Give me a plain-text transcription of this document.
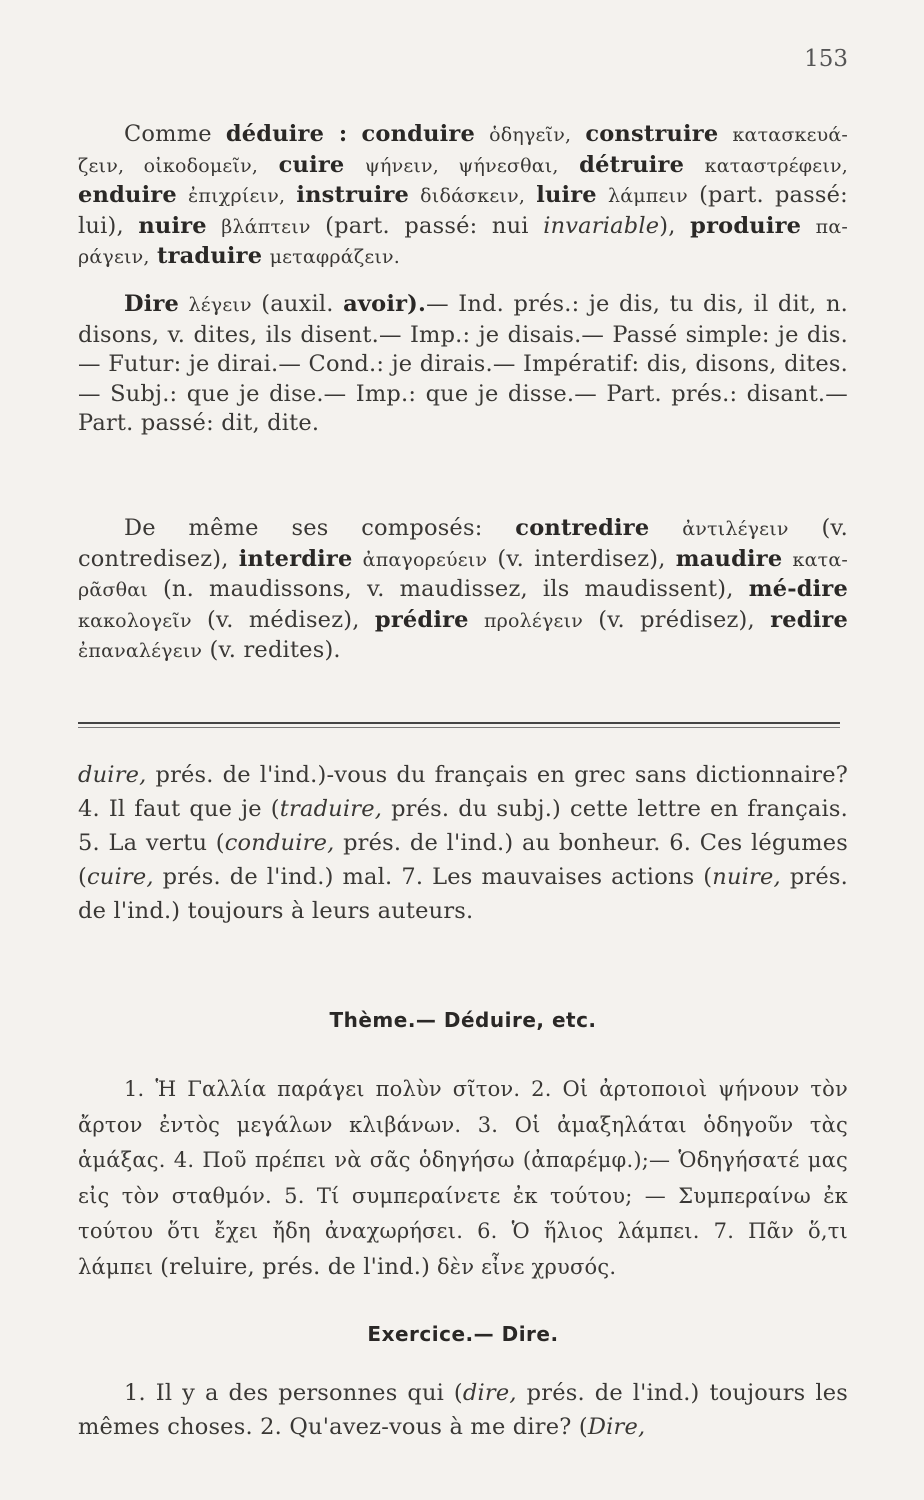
153

Comme déduire : conduire ὁδηγεῖν, construire κατασκευά-ζειν, οἰκοδομεῖν, cuire ψήνειν, ψήνεσθαι, détruire καταστρέφειν, enduire ἐπιχρίειν, instruire διδάσκειν, luire λάμπειν (part. passé: lui), nuire βλάπτειν (part. passé: nui invariable), produire πα-ράγειν, traduire μεταφράζειν.

Dire λέγειν (auxil. avoir).— Ind. prés.: je dis, tu dis, il dit, n. disons, v. dites, ils disent.— Imp.: je disais.— Passé simple: je dis.— Futur: je dirai.— Cond.: je dirais.— Impératif: dis, disons, dites.— Subj.: que je dise.— Imp.: que je disse.— Part. prés.: disant.— Part. passé: dit, dite.

De même ses composés: contredire ἀντιλέγειν (v. contredisez), interdire ἀπαγορεύειν (v. interdisez), maudire κατα-ρᾶσθαι (n. maudissons, v. maudissez, ils maudissent), mé-dire κακολογεῖν (v. médisez), prédire προλέγειν (v. prédisez), redire ἐπαναλέγειν (v. redites).

duire, prés. de l'ind.)-vous du français en grec sans dictionnaire? 4. Il faut que je (traduire, prés. du subj.) cette lettre en français. 5. La vertu (conduire, prés. de l'ind.) au bonheur. 6. Ces légumes (cuire, prés. de l'ind.) mal. 7. Les mauvaises actions (nuire, prés. de l'ind.) toujours à leurs auteurs.

Thème.— Déduire, etc.

1. Ἡ Γαλλία παράγει πολὺν σῖτον. 2. Οἱ ἀρτοποιοὶ ψήνουν τὸν ἄρτον ἐντὸς μεγάλων κλιβάνων. 3. Οἱ ἀμαξηλάται ὁδηγοῦν τὰς ἁμάξας. 4. Ποῦ πρέπει νὰ σᾶς ὁδηγήσω (ἀπαρέμφ.);— Ὁδηγήσατέ μας εἰς τὸν σταθμόν. 5. Τί συμπεραίνετε ἐκ τούτου; — Συμπεραίνω ἐκ τούτου ὅτι ἔχει ἤδη ἀναχωρήσει. 6. Ὁ ἥλιος λάμπει. 7. Πᾶν ὅ,τι λάμπει (reluire, prés. de l'ind.) δὲν εἶνε χρυσός.

Exercice.— Dire.

1. Il y a des personnes qui (dire, prés. de l'ind.) toujours les mêmes choses. 2. Qu'avez-vous à me dire? (Dire,
